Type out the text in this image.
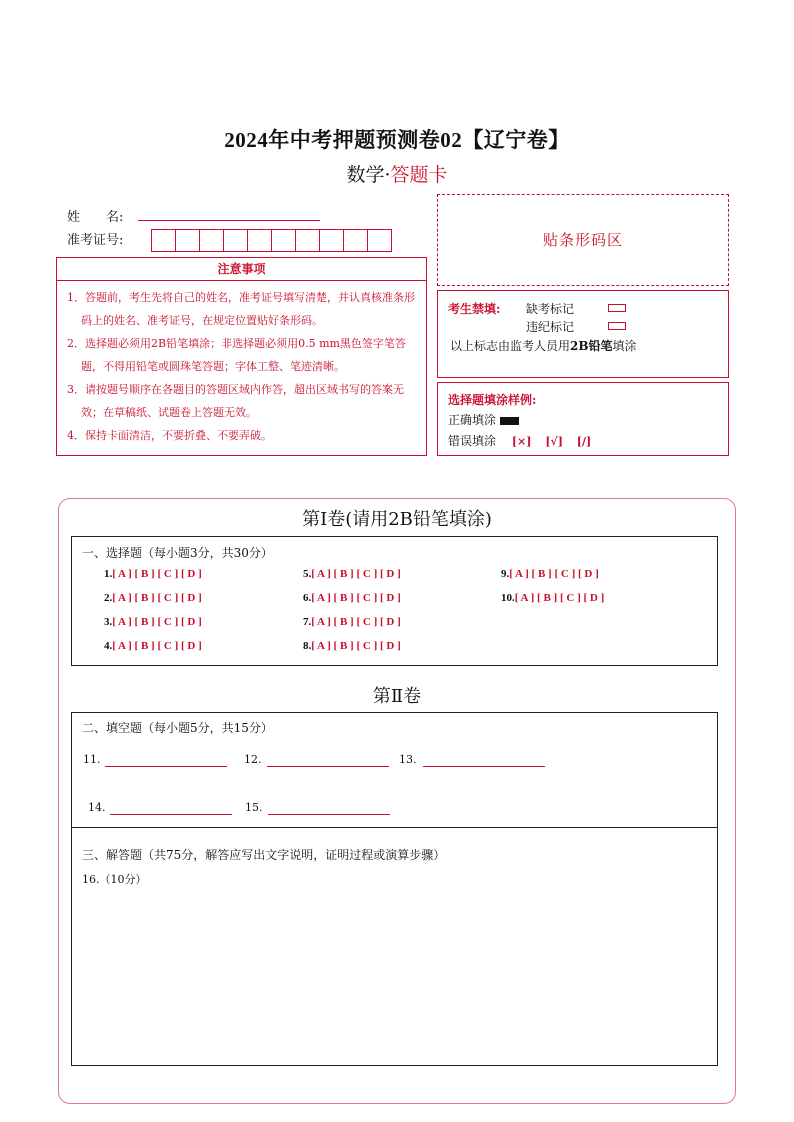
2024年中考押题预测卷02【辽宁卷】
数学·答题卡
姓　　名:
准考证号:	贴条形码区
注意事项
1．答题前，考生先将自己的姓名，准考证号填写清楚，并认真核准条形码上的姓名、准考证号，在规定位置贴好条形码。
2．选择题必须用2B铅笔填涂；非选择题必须用0.5 mm黑色签字笔答题，不得用铅笔或圆珠笔答题；字体工整、笔迹清晰。
3．请按题号顺序在各题目的答题区域内作答，超出区域书写的答案无效；在草稿纸、试题卷上答题无效。
4．保持卡面清洁，不要折叠、不要弄破。
考生禁填: 缺考标记
违纪标记
以上标志由监考人员用2B铅笔填涂
选择题填涂样例:
正确填涂
错误填涂 [×] [√] [/]
第Ⅰ卷(请用2B铅笔填涂)
一、选择题（每小题3分，共30分）
1.[ A ] [ B ] [ C ] [ D ]
2.[ A ] [ B ] [ C ] [ D ]
3.[ A ] [ B ] [ C ] [ D ]
4.[ A ] [ B ] [ C ] [ D ]
5.[ A ] [ B ] [ C ] [ D ]
6.[ A ] [ B ] [ C ] [ D ]
7.[ A ] [ B ] [ C ] [ D ]
8.[ A ] [ B ] [ C ] [ D ]
9.[ A ] [ B ] [ C ] [ D ]
10.[ A ] [ B ] [ C ] [ D ]
第Ⅱ卷
二、填空题（每小题5分，共15分）
11.	12.	13.
14.	15.
三、解答题（共75分，解答应写出文字说明，证明过程或演算步骤）
16.（10分）
